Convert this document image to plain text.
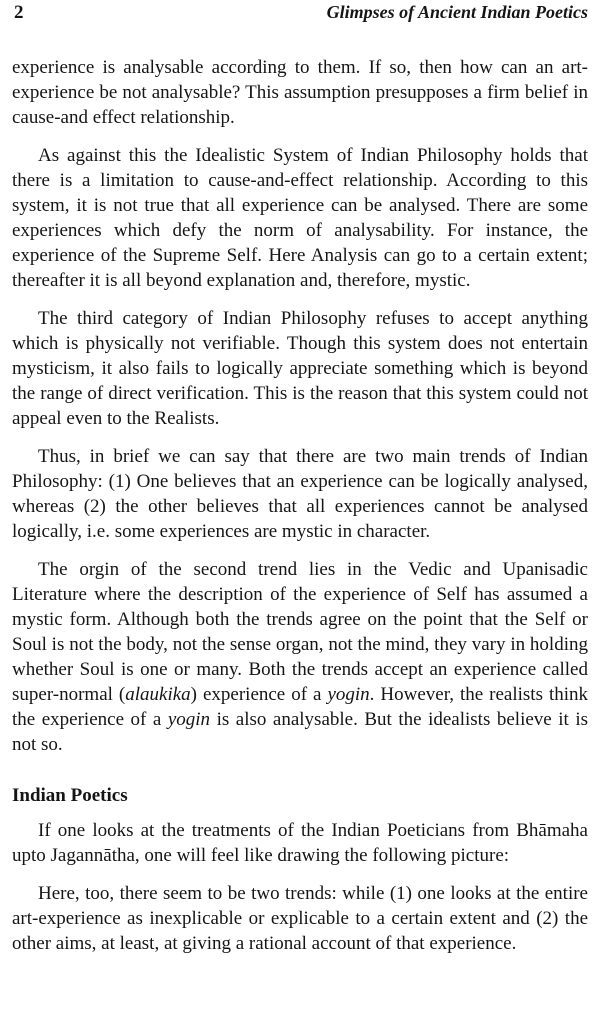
2	Glimpses of Ancient Indian Poetics

experience is analysable according to them. If so, then how can an art-experience be not analysable? This assumption presupposes a firm belief in cause-and effect relationship.

As against this the Idealistic System of Indian Philosophy holds that there is a limitation to cause-and-effect relationship. According to this system, it is not true that all experience can be analysed. There are some experiences which defy the norm of analysability. For instance, the experience of the Supreme Self. Here Analysis can go to a certain extent; thereafter it is all beyond explanation and, therefore, mystic.

The third category of Indian Philosophy refuses to accept anything which is physically not verifiable. Though this system does not entertain mysticism, it also fails to logically appreciate something which is beyond the range of direct verification. This is the reason that this system could not appeal even to the Realists.

Thus, in brief we can say that there are two main trends of Indian Philosophy: (1) One believes that an experience can be logically analysed, whereas (2) the other believes that all experiences cannot be analysed logically, i.e. some experiences are mystic in character.

The orgin of the second trend lies in the Vedic and Upanisadic Literature where the description of the experience of Self has assumed a mystic form. Although both the trends agree on the point that the Self or Soul is not the body, not the sense organ, not the mind, they vary in holding whether Soul is one or many. Both the trends accept an experience called super-normal (alaukika) experience of a yogin. However, the realists think the experience of a yogin is also analysable. But the idealists believe it is not so.

Indian Poetics

If one looks at the treatments of the Indian Poeticians from Bhāmaha upto Jagannātha, one will feel like drawing the following picture:

Here, too, there seem to be two trends: while (1) one looks at the entire art-experience as inexplicable or explicable to a certain extent and (2) the other aims, at least, at giving a rational account of that experience.
